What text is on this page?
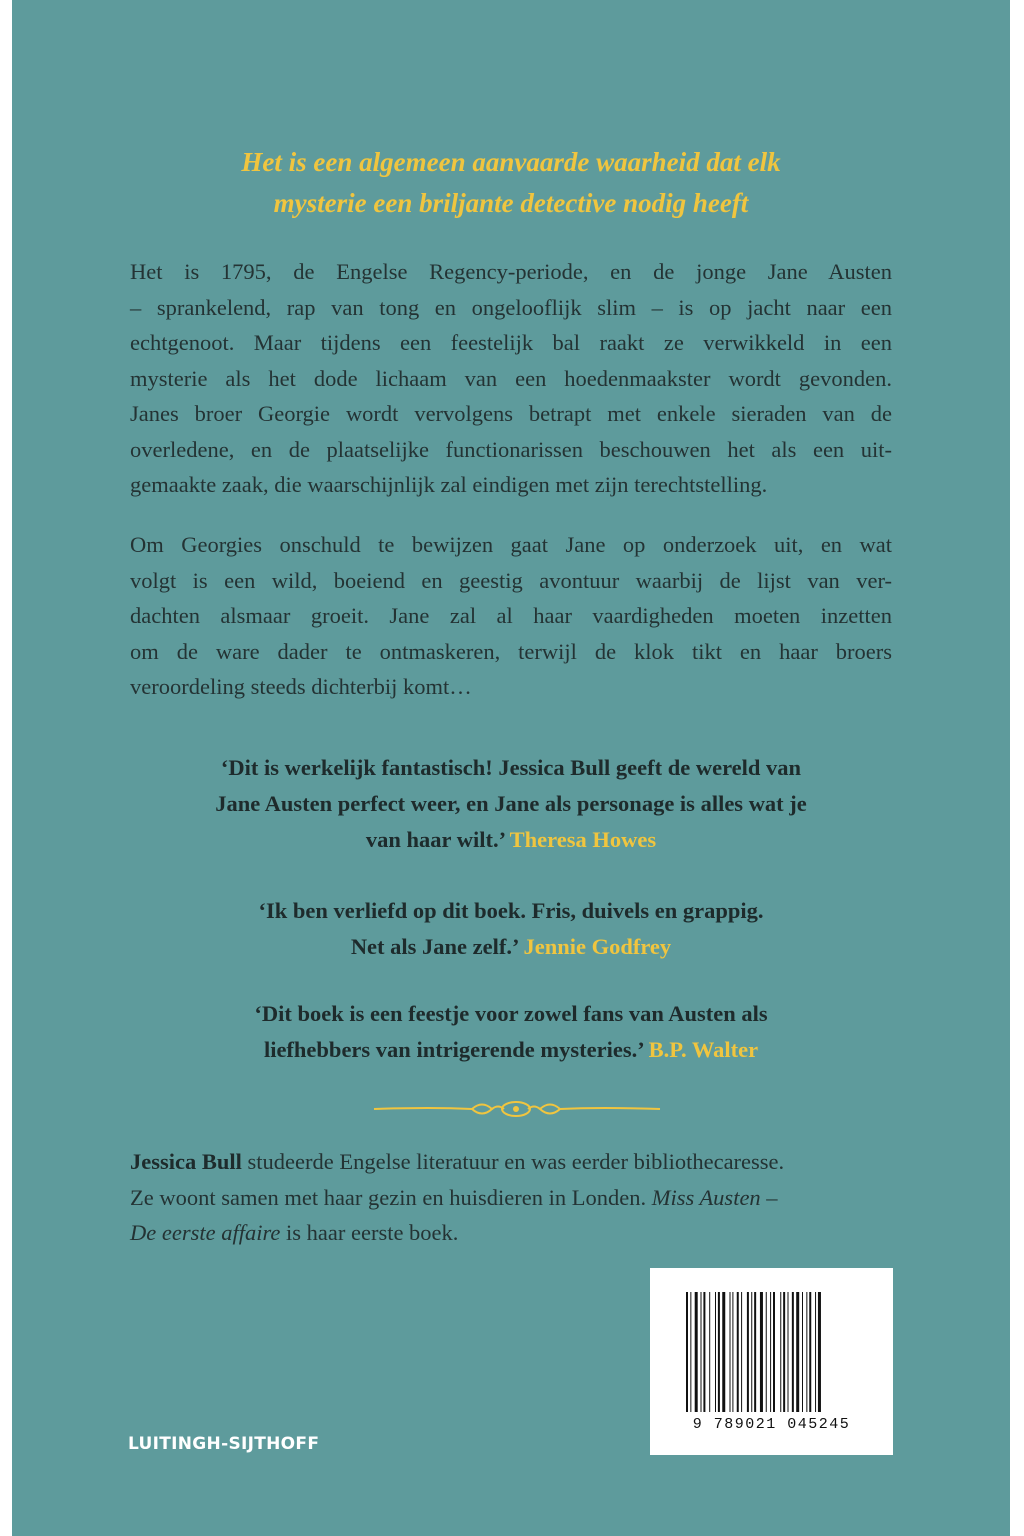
Het is een algemeen aanvaarde waarheid dat elk
mysterie een briljante detective nodig heeft
Het is 1795, de Engelse Regency-periode, en de jonge Jane Austen
– sprankelend, rap van tong en ongelooflijk slim – is op jacht naar een
echtgenoot. Maar tijdens een feestelijk bal raakt ze verwikkeld in een
mysterie als het dode lichaam van een hoedenmaakster wordt gevonden.
Janes broer Georgie wordt vervolgens betrapt met enkele sieraden van de
overledene, en de plaatselijke functionarissen beschouwen het als een uit-
gemaakte zaak, die waarschijnlijk zal eindigen met zijn terechtstelling.
Om Georgies onschuld te bewijzen gaat Jane op onderzoek uit, en wat
volgt is een wild, boeiend en geestig avontuur waarbij de lijst van ver-
dachten alsmaar groeit. Jane zal al haar vaardigheden moeten inzetten
om de ware dader te ontmaskeren, terwijl de klok tikt en haar broers
veroordeling steeds dichterbij komt…
‘Dit is werkelijk fantastisch! Jessica Bull geeft de wereld van
Jane Austen perfect weer, en Jane als personage is alles wat je
van haar wilt.’ Theresa Howes
‘Ik ben verliefd op dit boek. Fris, duivels en grappig.
Net als Jane zelf.’ Jennie Godfrey
‘Dit boek is een feestje voor zowel fans van Austen als
liefhebbers van intrigerende mysteries.’ B.P. Walter
Jessica Bull studeerde Engelse literatuur en was eerder bibliothecaresse.
Ze woont samen met haar gezin en huisdieren in Londen. Miss Austen –
De eerste affaire is haar eerste boek.
LUITINGH-SIJTHOFF
9 789021 045245
